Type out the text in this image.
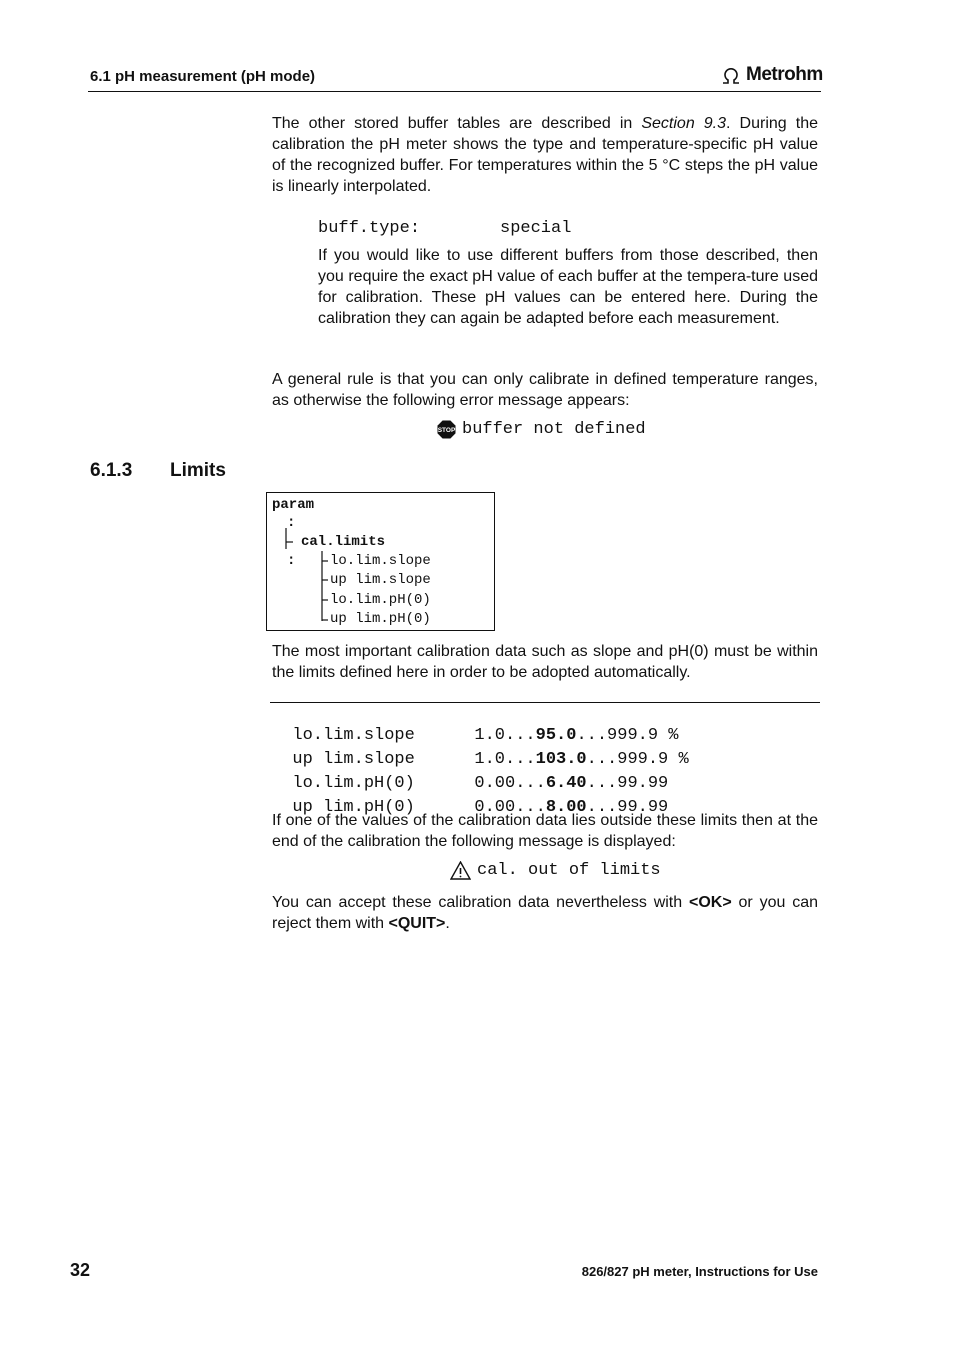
6.1 pH measurement (pH mode)	Metrohm
The other stored buffer tables are described in Section 9.3. During the calibration the pH meter shows the type and temperature-specific pH value of the recognized buffer. For temperatures within the 5 °C steps the pH value is linearly interpolated.
buff.type:	special
If you would like to use different buffers from those described, then you require the exact pH value of each buffer at the tempera-ture used for calibration. These pH values can be entered here. During the calibration they can again be adapted before each measurement.
A general rule is that you can only calibrate in defined temperature ranges, as otherwise the following error message appears:
STOP buffer not defined
6.1.3 Limits
param
:
cal.limits
: lo.lim.slope
up lim.slope
lo.lim.pH(0)
up lim.pH(0)
The most important calibration data such as slope and pH(0) must be within the limits defined here in order to be adopted automatically.

lo.lim.slope	1.0...95.0...999.9 %

up lim.slope	1.0...103.0...999.9 %

lo.lim.pH(0)	0.00...6.40...99.99

up lim.pH(0)	0.00...8.00...99.99

If one of the values of the calibration data lies outside these limits then at the end of the calibration the following message is displayed:
cal. out of limits
You can accept these calibration data nevertheless with <OK> or you can reject them with <QUIT>.
32	826/827 pH meter, Instructions for Use
